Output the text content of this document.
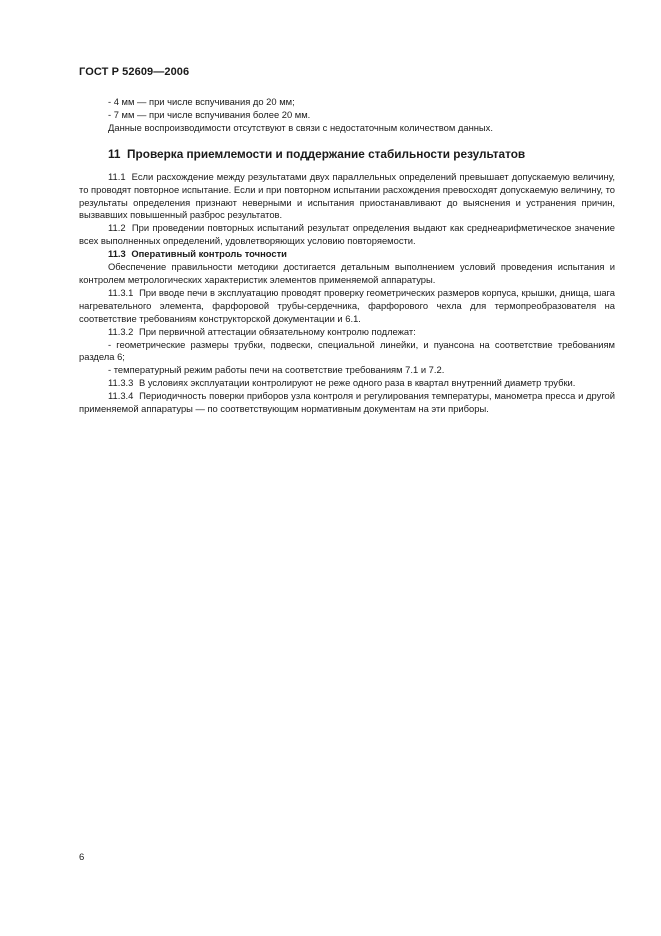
ГОСТ Р 52609—2006

- 4 мм — при числе вспучивания до 20 мм;

- 7 мм — при числе вспучивания более 20 мм.

Данные воспроизводимости отсутствуют в связи с недостаточным количеством данных.

11 Проверка приемлемости и поддержание стабильности результатов

11.1 Если расхождение между результатами двух параллельных определений превышает допускаемую величину, то проводят повторное испытание. Если и при повторном испытании расхождения превосходят допускаемую величину, то результаты определения признают неверными и испытания приостанавливают до выяснения и устранения причин, вызвавших повышенный разброс результатов.

11.2 При проведении повторных испытаний результат определения выдают как среднеарифметическое значение всех выполненных определений, удовлетворяющих условию повторяемости.

11.3 Оперативный контроль точности

Обеспечение правильности методики достигается детальным выполнением условий проведения испытания и контролем метрологических характеристик элементов применяемой аппаратуры.

11.3.1 При вводе печи в эксплуатацию проводят проверку геометрических размеров корпуса, крышки, днища, шага нагревательного элемента, фарфоровой трубы-сердечника, фарфорового чехла для термопреобразователя на соответствие требованиям конструкторской документации и 6.1.

11.3.2 При первичной аттестации обязательному контролю подлежат:

- геометрические размеры трубки, подвески, специальной линейки, и пуансона на соответствие требованиям раздела 6;

- температурный режим работы печи на соответствие требованиям 7.1 и 7.2.

11.3.3 В условиях эксплуатации контролируют не реже одного раза в квартал внутренний диаметр трубки.

11.3.4 Периодичность поверки приборов узла контроля и регулирования температуры, манометра пресса и другой применяемой аппаратуры — по соответствующим нормативным документам на эти приборы.

6
